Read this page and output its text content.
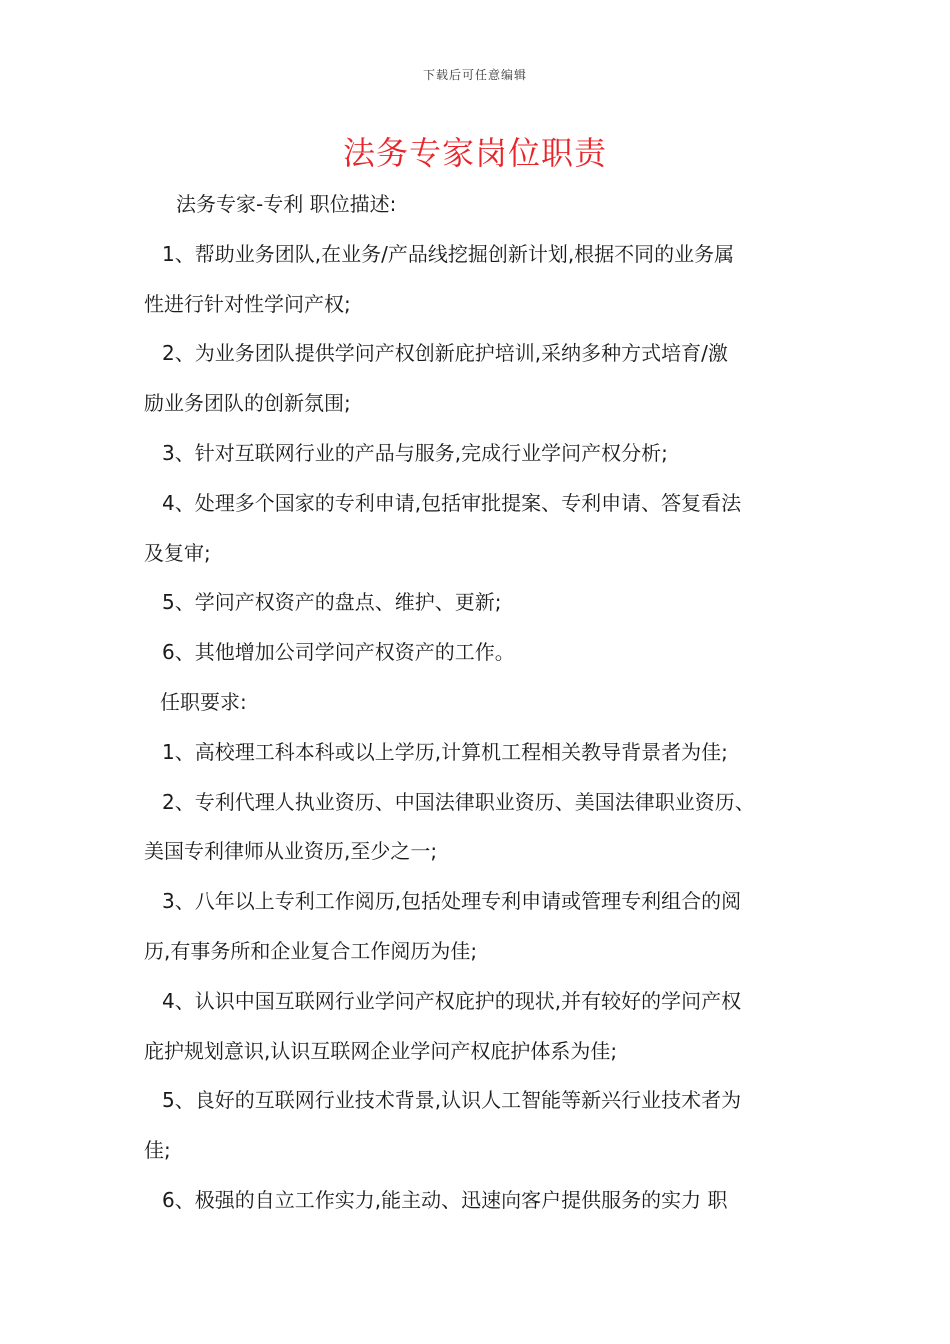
下载后可任意编辑
法务专家岗位职责
法务专家-专利 职位描述:
1、帮助业务团队,在业务/产品线挖掘创新计划,根据不同的业务属
性进行针对性学问产权;
2、为业务团队提供学问产权创新庇护培训,采纳多种方式培育/激
励业务团队的创新氛围;
3、针对互联网行业的产品与服务,完成行业学问产权分析;
4、处理多个国家的专利申请,包括审批提案、专利申请、答复看法
及复审;
5、学问产权资产的盘点、维护、更新;
6、其他增加公司学问产权资产的工作。
任职要求:
1、高校理工科本科或以上学历,计算机工程相关教导背景者为佳;
2、专利代理人执业资历、中国法律职业资历、美国法律职业资历、
美国专利律师从业资历,至少之一;
3、八年以上专利工作阅历,包括处理专利申请或管理专利组合的阅
历,有事务所和企业复合工作阅历为佳;
4、认识中国互联网行业学问产权庇护的现状,并有较好的学问产权
庇护规划意识,认识互联网企业学问产权庇护体系为佳;
5、良好的互联网行业技术背景,认识人工智能等新兴行业技术者为
佳;
6、极强的自立工作实力,能主动、迅速向客户提供服务的实力 职
